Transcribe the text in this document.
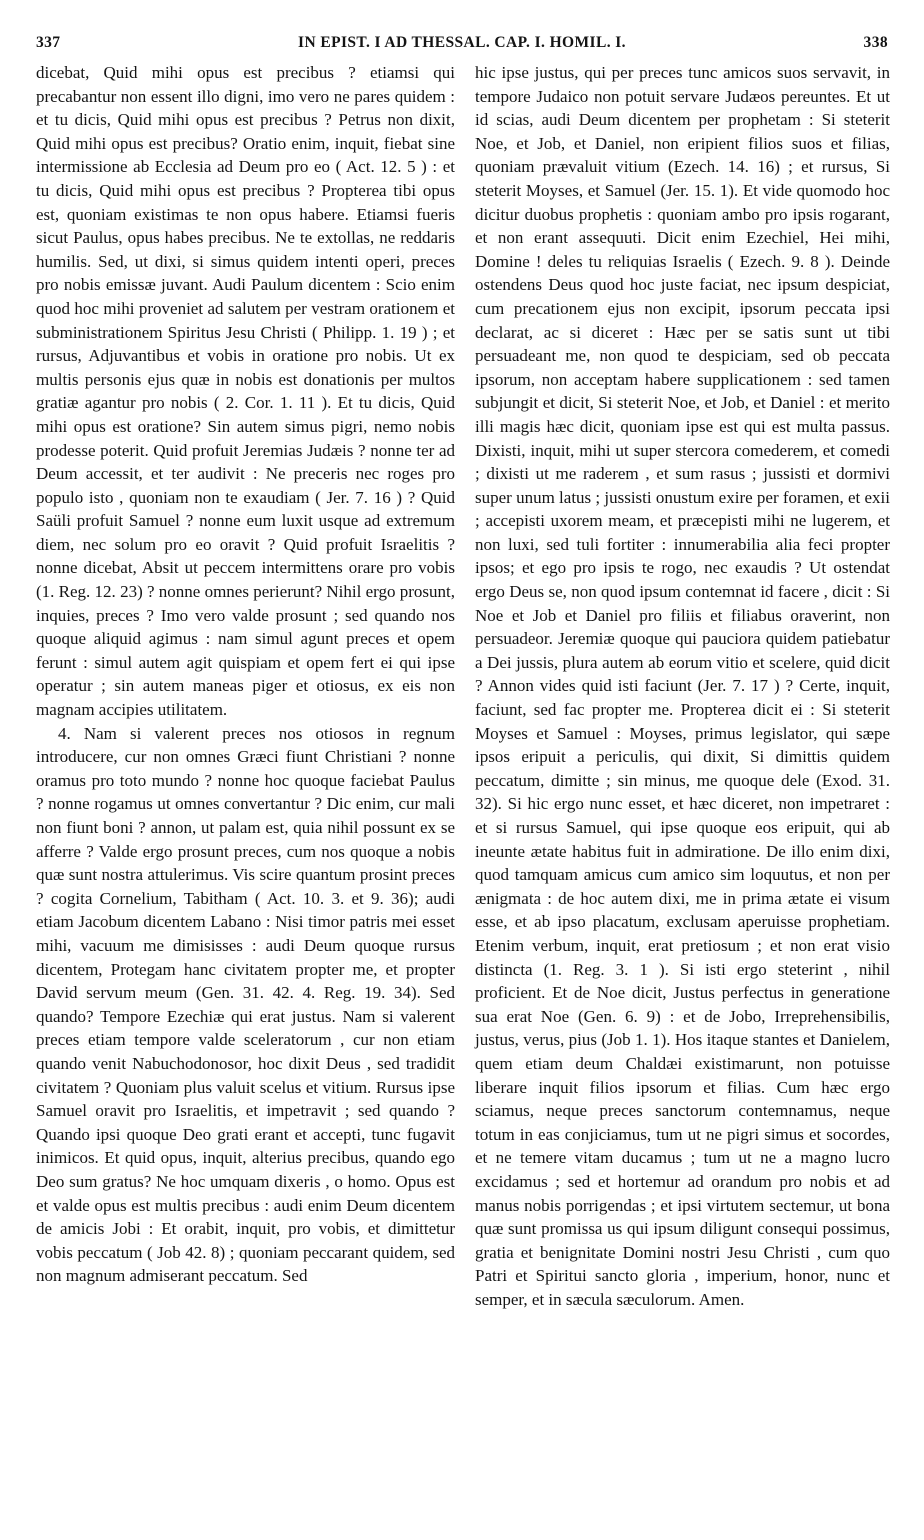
337	IN EPIST. I AD THESSAL. CAP. I. HOMIL. I.	338

dicebat, Quid mihi opus est precibus ? etiamsi qui precabantur non essent illo digni, imo vero ne pares quidem : et tu dicis, Quid mihi opus est precibus ? Petrus non dixit, Quid mihi opus est precibus? Oratio enim, inquit, fiebat sine intermissione ab Ecclesia ad Deum pro eo ( Act. 12. 5 ) : et tu dicis, Quid mihi opus est precibus ? Propterea tibi opus est, quoniam existimas te non opus habere. Etiamsi fueris sicut Paulus, opus habes precibus. Ne te extollas, ne reddaris humilis. Sed, ut dixi, si simus quidem intenti operi, preces pro nobis emissæ juvant. Audi Paulum dicentem : Scio enim quod hoc mihi proveniet ad salutem per vestram orationem et subministrationem Spiritus Jesu Christi ( Philipp. 1. 19 ) ; et rursus, Adjuvantibus et vobis in oratione pro nobis. Ut ex multis personis ejus quæ in nobis est donationis per multos gratiæ agantur pro nobis ( 2. Cor. 1. 11 ). Et tu dicis, Quid mihi opus est oratione? Sin autem simus pigri, nemo nobis prodesse poterit. Quid profuit Jeremias Judæis ? nonne ter ad Deum accessit, et ter audivit : Ne preceris nec roges pro populo isto , quoniam non te exaudiam ( Jer. 7. 16 ) ? Quid Saüli profuit Samuel ? nonne eum luxit usque ad extremum diem, nec solum pro eo oravit ? Quid profuit Israelitis ? nonne dicebat, Absit ut peccem intermittens orare pro vobis (1. Reg. 12. 23) ? nonne omnes perierunt? Nihil ergo prosunt, inquies, preces ? Imo vero valde prosunt ; sed quando nos quoque aliquid agimus : nam simul agunt preces et opem ferunt : simul autem agit quispiam et opem fert ei qui ipse operatur ; sin autem maneas piger et otiosus, ex eis non magnam accipies utilitatem.

4. Nam si valerent preces nos otiosos in regnum introducere, cur non omnes Græci fiunt Christiani ? nonne oramus pro toto mundo ? nonne hoc quoque faciebat Paulus ? nonne rogamus ut omnes convertantur ? Dic enim, cur mali non fiunt boni ? annon, ut palam est, quia nihil possunt ex se afferre ? Valde ergo prosunt preces, cum nos quoque a nobis quæ sunt nostra attulerimus. Vis scire quantum prosint preces ? cogita Cornelium, Tabitham ( Act. 10. 3. et 9. 36); audi etiam Jacobum dicentem Labano : Nisi timor patris mei esset mihi, vacuum me dimisisses : audi Deum quoque rursus dicentem, Protegam hanc civitatem propter me, et propter David servum meum (Gen. 31. 42. 4. Reg. 19. 34). Sed quando? Tempore Ezechiæ qui erat justus. Nam si valerent preces etiam tempore valde sceleratorum , cur non etiam quando venit Nabuchodonosor, hoc dixit Deus , sed tradidit civitatem ? Quoniam plus valuit scelus et vitium. Rursus ipse Samuel oravit pro Israelitis, et impetravit ; sed quando ? Quando ipsi quoque Deo grati erant et accepti, tunc fugavit inimicos. Et quid opus, inquit, alterius precibus, quando ego Deo sum gratus? Ne hoc umquam dixeris , o homo. Opus est et valde opus est multis precibus : audi enim Deum dicentem de amicis Jobi : Et orabit, inquit, pro vobis, et dimittetur vobis peccatum ( Job 42. 8) ; quoniam peccarant quidem, sed non magnum admiserant peccatum. Sed

hic ipse justus, qui per preces tunc amicos suos servavit, in tempore Judaico non potuit servare Judæos pereuntes. Et ut id scias, audi Deum dicentem per prophetam : Si steterit Noe, et Job, et Daniel, non eripient filios suos et filias, quoniam prævaluit vitium (Ezech. 14. 16) ; et rursus, Si steterit Moyses, et Samuel (Jer. 15. 1). Et vide quomodo hoc dicitur duobus prophetis : quoniam ambo pro ipsis rogarant, et non erant assequuti. Dicit enim Ezechiel, Hei mihi, Domine ! deles tu reliquias Israelis ( Ezech. 9. 8 ). Deinde ostendens Deus quod hoc juste faciat, nec ipsum despiciat, cum precationem ejus non excipit, ipsorum peccata ipsi declarat, ac si diceret : Hæc per se satis sunt ut tibi persuadeant me, non quod te despiciam, sed ob peccata ipsorum, non acceptam habere supplicationem : sed tamen subjungit et dicit, Si steterit Noe, et Job, et Daniel : et merito illi magis hæc dicit, quoniam ipse est qui est multa passus. Dixisti, inquit, mihi ut super stercora comederem, et comedi ; dixisti ut me raderem , et sum rasus ; jussisti et dormivi super unum latus ; jussisti onustum exire per foramen, et exii ; accepisti uxorem meam, et præcepisti mihi ne lugerem, et non luxi, sed tuli fortiter : innumerabilia alia feci propter ipsos; et ego pro ipsis te rogo, nec exaudis ? Ut ostendat ergo Deus se, non quod ipsum contemnat id facere , dicit : Si Noe et Job et Daniel pro filiis et filiabus oraverint, non persuadeor. Jeremiæ quoque qui pauciora quidem patiebatur a Dei jussis, plura autem ab eorum vitio et scelere, quid dicit ? Annon vides quid isti faciunt (Jer. 7. 17 ) ? Certe, inquit, faciunt, sed fac propter me. Propterea dicit ei : Si steterit Moyses et Samuel : Moyses, primus legislator, qui sæpe ipsos eripuit a periculis, qui dixit, Si dimittis quidem peccatum, dimitte ; sin minus, me quoque dele (Exod. 31. 32). Si hic ergo nunc esset, et hæc diceret, non impetraret : et si rursus Samuel, qui ipse quoque eos eripuit, qui ab ineunte ætate habitus fuit in admiratione. De illo enim dixi, quod tamquam amicus cum amico sim loquutus, et non per ænigmata : de hoc autem dixi, me in prima ætate ei visum esse, et ab ipso placatum, exclusam aperuisse prophetiam. Etenim verbum, inquit, erat pretiosum ; et non erat visio distincta (1. Reg. 3. 1 ). Si isti ergo steterint , nihil proficient. Et de Noe dicit, Justus perfectus in generatione sua erat Noe (Gen. 6. 9) : et de Jobo, Irreprehensibilis, justus, verus, pius (Job 1. 1). Hos itaque stantes et Danielem, quem etiam deum Chaldæi existimarunt, non potuisse liberare inquit filios ipsorum et filias. Cum hæc ergo sciamus, neque preces sanctorum contemnamus, neque totum in eas conjiciamus, tum ut ne pigri simus et socordes, et ne temere vitam ducamus ; tum ut ne a magno lucro excidamus ; sed et hortemur ad orandum pro nobis et ad manus nobis porrigendas ; et ipsi virtutem sectemur, ut bona quæ sunt promissa us qui ipsum diligunt consequi possimus, gratia et benignitate Domini nostri Jesu Christi , cum quo Patri et Spiritui sancto gloria , imperium, honor, nunc et semper, et in sæcula sæculorum. Amen.
